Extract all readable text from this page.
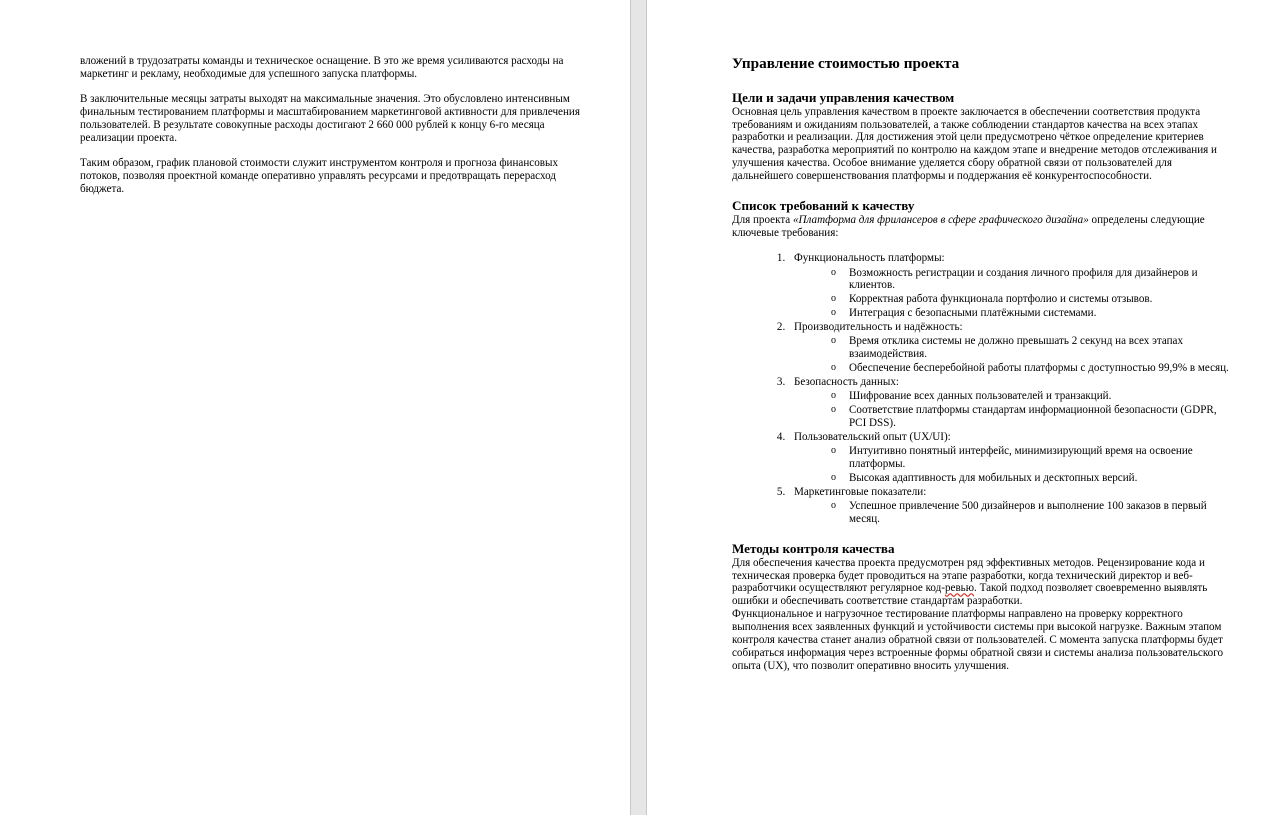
вложений в трудозатраты команды и техническое оснащение. В это же время усиливаются расходы на маркетинг и рекламу, необходимые для успешного запуска платформы.

В заключительные месяцы затраты выходят на максимальные значения. Это обусловлено интенсивным финальным тестированием платформы и масштабированием маркетинговой активности для привлечения пользователей. В результате совокупные расходы достигают 2 660 000 рублей к концу 6-го месяца реализации проекта.

Таким образом, график плановой стоимости служит инструментом контроля и прогноза финансовых потоков, позволяя проектной команде оперативно управлять ресурсами и предотвращать перерасход бюджета.

Управление стоимостью проекта
Цели и задачи управления качеством

Основная цель управления качеством в проекте заключается в обеспечении соответствия продукта требованиям и ожиданиям пользователей, а также соблюдении стандартов качества на всех этапах разработки и реализации. Для достижения этой цели предусмотрено чёткое определение критериев качества, разработка мероприятий по контролю на каждом этапе и внедрение методов отслеживания и улучшения качества. Особое внимание уделяется сбору обратной связи от пользователей для дальнейшего совершенствования платформы и поддержания её конкурентоспособности.

Список требований к качеству

Для проекта «Платформа для фрилансеров в сфере графического дизайна» определены следующие ключевые требования:

1. Функциональность платформы:
o Возможность регистрации и создания личного профиля для дизайнеров и клиентов.
o Корректная работа функционала портфолио и системы отзывов.
o Интеграция с безопасными платёжными системами.
2. Производительность и надёжность:
o Время отклика системы не должно превышать 2 секунд на всех этапах взаимодействия.
o Обеспечение бесперебойной работы платформы с доступностью 99,9% в месяц.
3. Безопасность данных:
o Шифрование всех данных пользователей и транзакций.
o Соответствие платформы стандартам информационной безопасности (GDPR, PCI DSS).
4. Пользовательский опыт (UX/UI):
o Интуитивно понятный интерфейс, минимизирующий время на освоение платформы.
o Высокая адаптивность для мобильных и десктопных версий.
5. Маркетинговые показатели:
o Успешное привлечение 500 дизайнеров и выполнение 100 заказов в первый месяц.
Методы контроля качества

Для обеспечения качества проекта предусмотрен ряд эффективных методов. Рецензирование кода и техническая проверка будет проводиться на этапе разработки, когда технический директор и веб-разработчики осуществляют регулярное код-ревью. Такой подход позволяет своевременно выявлять ошибки и обеспечивать соответствие стандартам разработки.

Функциональное и нагрузочное тестирование платформы направлено на проверку корректного выполнения всех заявленных функций и устойчивости системы при высокой нагрузке. Важным этапом контроля качества станет анализ обратной связи от пользователей. С момента запуска платформы будет собираться информация через встроенные формы обратной связи и системы анализа пользовательского опыта (UX), что позволит оперативно вносить улучшения.
